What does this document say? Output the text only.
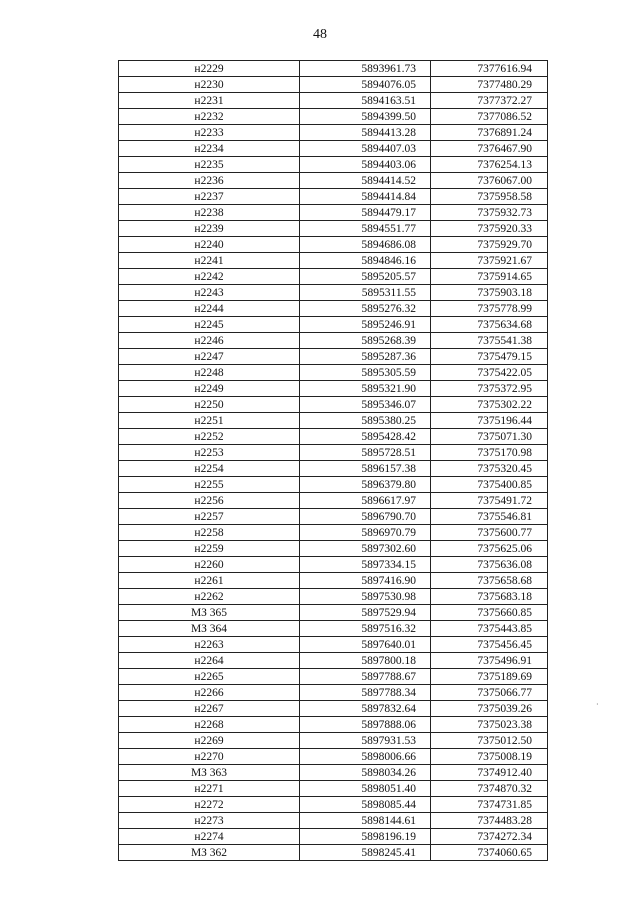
48
н2229	5893961.73	7377616.94
н2230	5894076.05	7377480.29
н2231	5894163.51	7377372.27
н2232	5894399.50	7377086.52
н2233	5894413.28	7376891.24
н2234	5894407.03	7376467.90
н2235	5894403.06	7376254.13
н2236	5894414.52	7376067.00
н2237	5894414.84	7375958.58
н2238	5894479.17	7375932.73
н2239	5894551.77	7375920.33
н2240	5894686.08	7375929.70
н2241	5894846.16	7375921.67
н2242	5895205.57	7375914.65
н2243	5895311.55	7375903.18
н2244	5895276.32	7375778.99
н2245	5895246.91	7375634.68
н2246	5895268.39	7375541.38
н2247	5895287.36	7375479.15
н2248	5895305.59	7375422.05
н2249	5895321.90	7375372.95
н2250	5895346.07	7375302.22
н2251	5895380.25	7375196.44
н2252	5895428.42	7375071.30
н2253	5895728.51	7375170.98
н2254	5896157.38	7375320.45
н2255	5896379.80	7375400.85
н2256	5896617.97	7375491.72
н2257	5896790.70	7375546.81
н2258	5896970.79	7375600.77
н2259	5897302.60	7375625.06
н2260	5897334.15	7375636.08
н2261	5897416.90	7375658.68
н2262	5897530.98	7375683.18
МЗ 365	5897529.94	7375660.85
МЗ 364	5897516.32	7375443.85
н2263	5897640.01	7375456.45
н2264	5897800.18	7375496.91
н2265	5897788.67	7375189.69
н2266	5897788.34	7375066.77
н2267	5897832.64	7375039.26
н2268	5897888.06	7375023.38
н2269	5897931.53	7375012.50
н2270	5898006.66	7375008.19
МЗ 363	5898034.26	7374912.40
н2271	5898051.40	7374870.32
н2272	5898085.44	7374731.85
н2273	5898144.61	7374483.28
н2274	5898196.19	7374272.34
МЗ 362	5898245.41	7374060.65
·
